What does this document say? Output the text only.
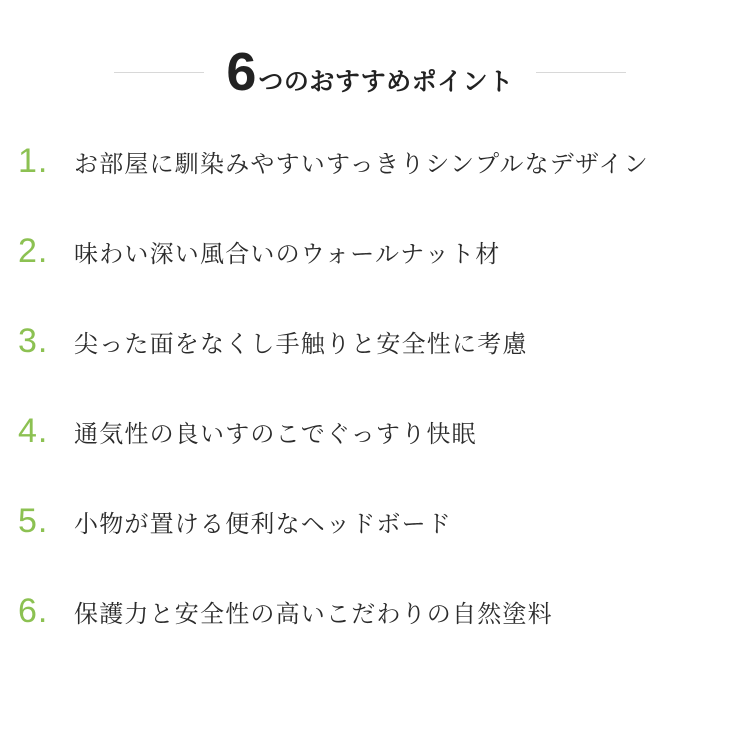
6 つのおすすめポイント
1.	お部屋に馴染みやすいすっきりシンプルなデザイン
2.	味わい深い風合いのウォールナット材
3.	尖った面をなくし手触りと安全性に考慮
4.	通気性の良いすのこでぐっすり快眠
5.	小物が置ける便利なヘッドボード
6.	保護力と安全性の高いこだわりの自然塗料
